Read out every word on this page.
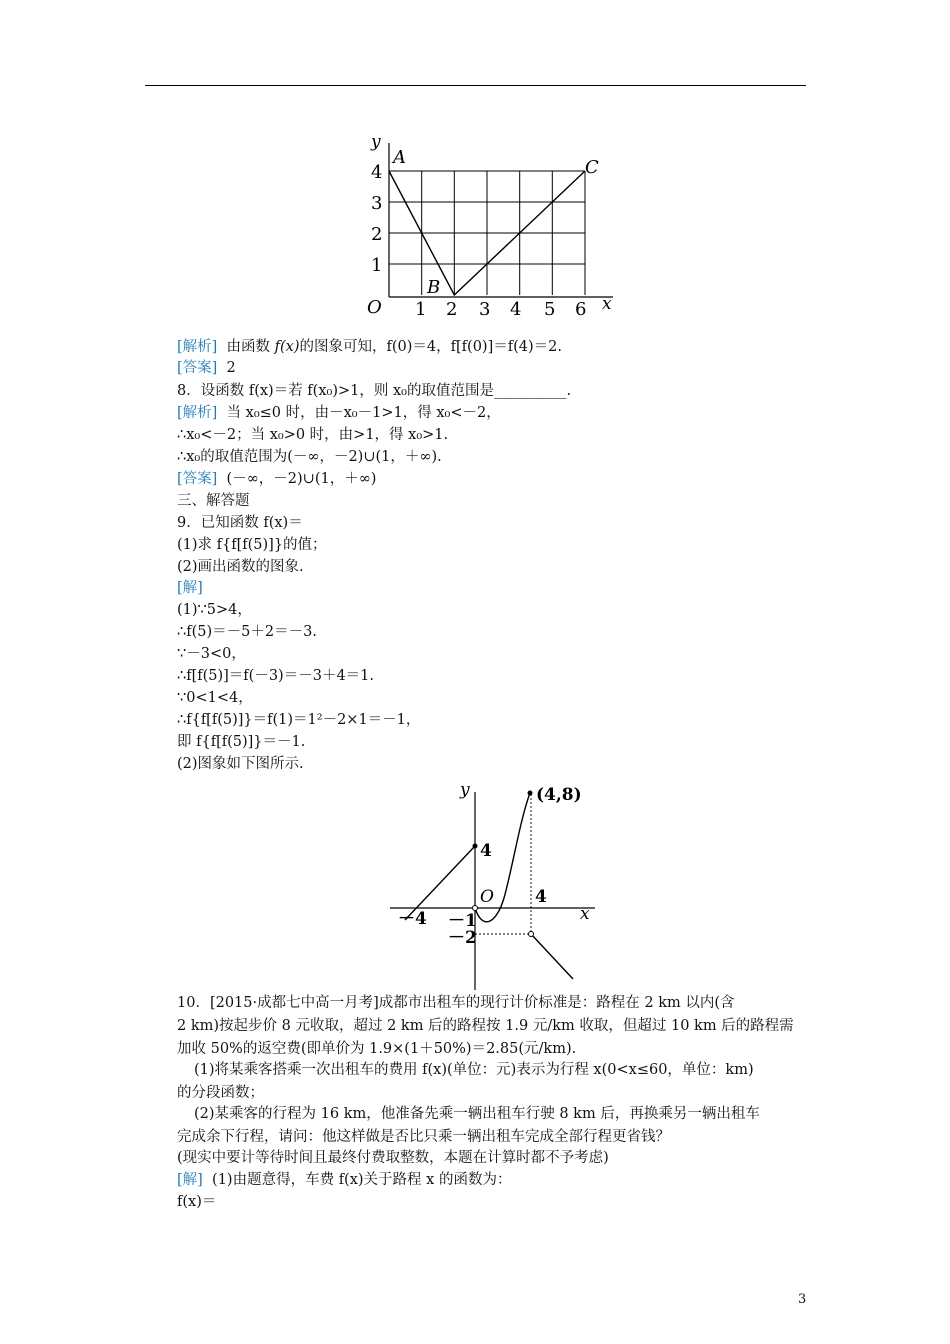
y
x
O
A
B
C
4
3
2
1
1 2 3 4 5 6
[解析] 由函数 f(x)的图象可知，f(0)＝4，f[f(0)]＝f(4)＝2.
[答案] 2
8．设函数 f(x)＝若 f(x₀)>1，则 x₀的取值范围是__________.
[解析] 当 x₀≤0 时，由－x₀－1>1，得 x₀<－2，
∴x₀<－2；当 x₀>0 时，由>1，得 x₀>1.
∴x₀的取值范围为(－∞，－2)∪(1，＋∞).
[答案] (－∞，－2)∪(1，＋∞)
三、解答题
9．已知函数 f(x)＝
(1)求 f{f[f(5)]}的值；
(2)画出函数的图象.
[解]
(1)∵5>4，
∴f(5)＝－5＋2＝－3.
∵－3<0，
∴f[f(5)]＝f(－3)＝－3＋4＝1.
∵0<1<4，
∴f{f[f(5)]}＝f(1)＝1²－2×1＝－1，
即 f{f[f(5)]}＝－1.
(2)图象如下图所示.
y
x
O
(4,8)
4
4
－4 －1
－2
10．[2015·成都七中高一月考]成都市出租车的现行计价标准是：路程在 2 km 以内(含
2 km)按起步价 8 元收取，超过 2 km 后的路程按 1.9 元/km 收取，但超过 10 km 后的路程需
加收 50%的返空费(即单价为 1.9×(1＋50%)＝2.85(元/km).
(1)将某乘客搭乘一次出租车的费用 f(x)(单位：元)表示为行程 x(0<x≤60，单位：km)
的分段函数；
(2)某乘客的行程为 16 km，他准备先乘一辆出租车行驶 8 km 后，再换乘另一辆出租车
完成余下行程，请问：他这样做是否比只乘一辆出租车完成全部行程更省钱？
(现实中要计等待时间且最终付费取整数，本题在计算时都不予考虑)
[解] (1)由题意得，车费 f(x)关于路程 x 的函数为：
f(x)＝
3
